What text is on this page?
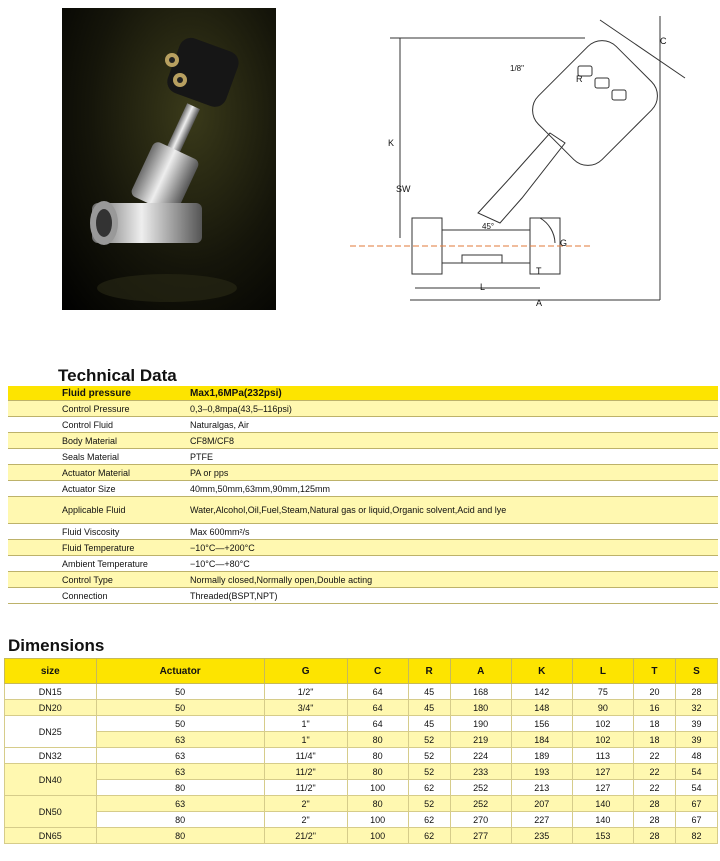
SW
K
A
L
T
G
C
R
45°
1/8"
Technical Data
Fluid pressure	Max1,6MPa(232psi)
Control Pressure	0,3–0,8mpa(43,5–116psi)
Control Fluid	Naturalgas, Air
Body Material	CF8M/CF8
Seals Material	PTFE
Actuator Material	PA or pps
Actuator Size	40mm,50mm,63mm,90mm,125mm
Applicable Fluid	Water,Alcohol,Oil,Fuel,Steam,Natural gas or liquid,Organic solvent,Acid and lye
Fluid Viscosity	Max 600mm²/s
Fluid Temperature	−10°C—+200°C
Ambient Temperature	−10°C—+80°C
Control Type	Normally closed,Normally open,Double acting
Connection	Threaded(BSPT,NPT)
Dimensions
size	Actuator	G	C	R	A	K	L	T	S
DN15	50	1/2"	64	45	168	142	75	20	28
DN20	50	3/4"	64	45	180	148	90	16	32
DN25	50	1"	64	45	190	156	102	18	39
	63	1"	80	52	219	184	102	18	39
DN32	63	11/4"	80	52	224	189	113	22	48
DN40	63	11/2"	80	52	233	193	127	22	54
	80	11/2"	100	62	252	213	127	22	54
DN50	63	2"	80	52	252	207	140	28	67
	80	2"	100	62	270	227	140	28	67
DN65	80	21/2"	100	62	277	235	153	28	82
